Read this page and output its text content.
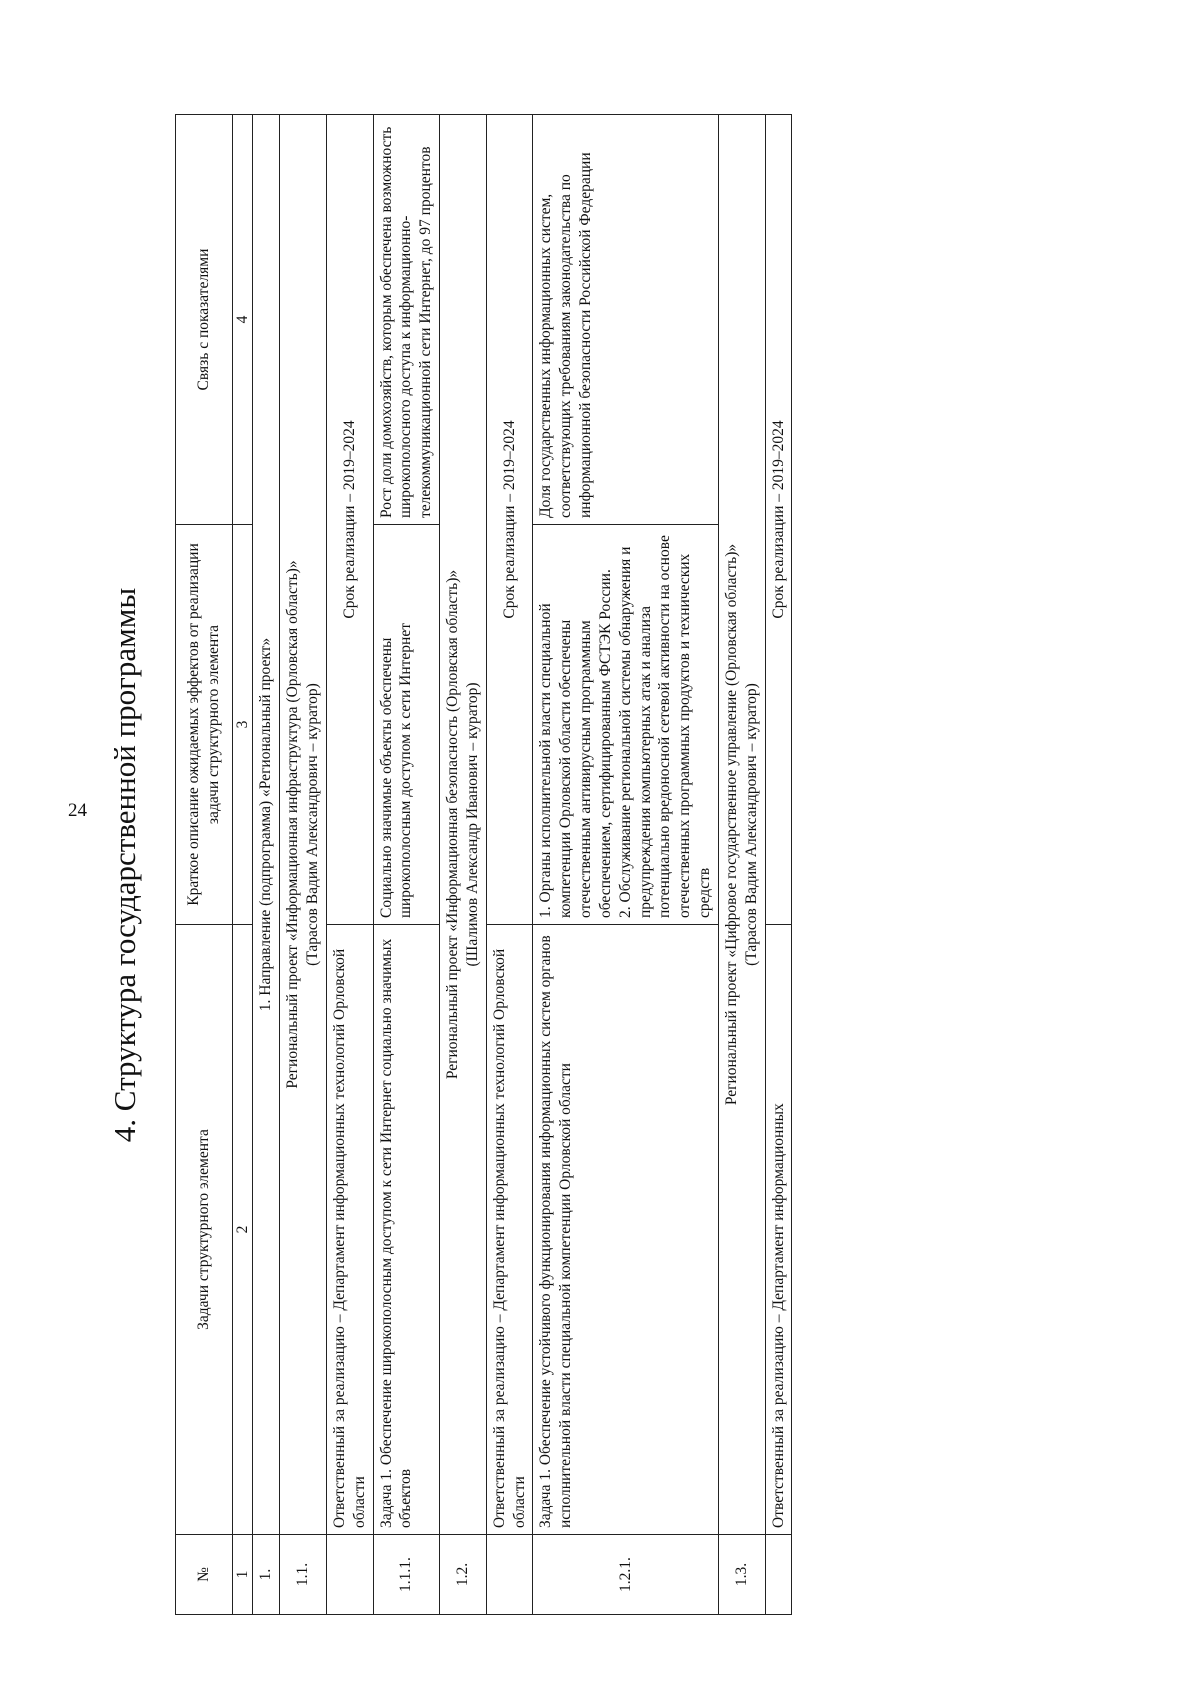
24 4. Структура государственной программы
№	Задачи структурного элемента	Краткое описание ожидаемых эффектов от реализации задачи структурного элемента	Связь с показателями
1	2	3	4
1.	1. Направление (подпрограмма) «Региональный проект»		
1.1.	Региональный проект «Информационная инфраструктура (Орловская область)» (Тарасов Вадим Александрович – куратор)		

	Ответственный за реализацию – Департамент информационных технологий Орловской области	Срок реализации – 2019–2024	
1.1.1.	Задача 1. Обеспечение широкополосным доступом к сети Интернет социально значимых объектов	Социально значимые объекты обеспечены широкополосным доступом к сети Интернет	Рост доли домохозяйств, которым обеспечена возможность широкополосного доступа к информационно-телекоммуникационной сети Интернет, до 97 процентов
1.2.	Региональный проект «Информационная безопасность (Орловская область)» (Шалимов Александр Иванович – куратор)		

	Ответственный за реализацию – Департамент информационных технологий Орловской области	Срок реализации – 2019–2024	
1.2.1.	Задача 1. Обеспечение устойчивого функционирования информационных систем органов исполнительной власти специальной компетенции Орловской области	1. Органы исполнительной власти специальной компетенции Орловской области обеспечены отечественным антивирусным программным обеспечением, сертифицированным ФСТЭК России. 2. Обслуживание региональной системы обнаружения и предупреждения компьютерных атак и анализа потенциально вредоносной сетевой активности на основе отечественных программных продуктов и технических средств	Доля государственных информационных систем, соответствующих требованиям законодательства по информационной безопасности Российской Федерации
1.3.	Региональный проект «Цифровое государственное управление (Орловская область)» (Тарасов Вадим Александрович – куратор)		

	Ответственный за реализацию – Департамент информационных	Срок реализации – 2019–2024	
